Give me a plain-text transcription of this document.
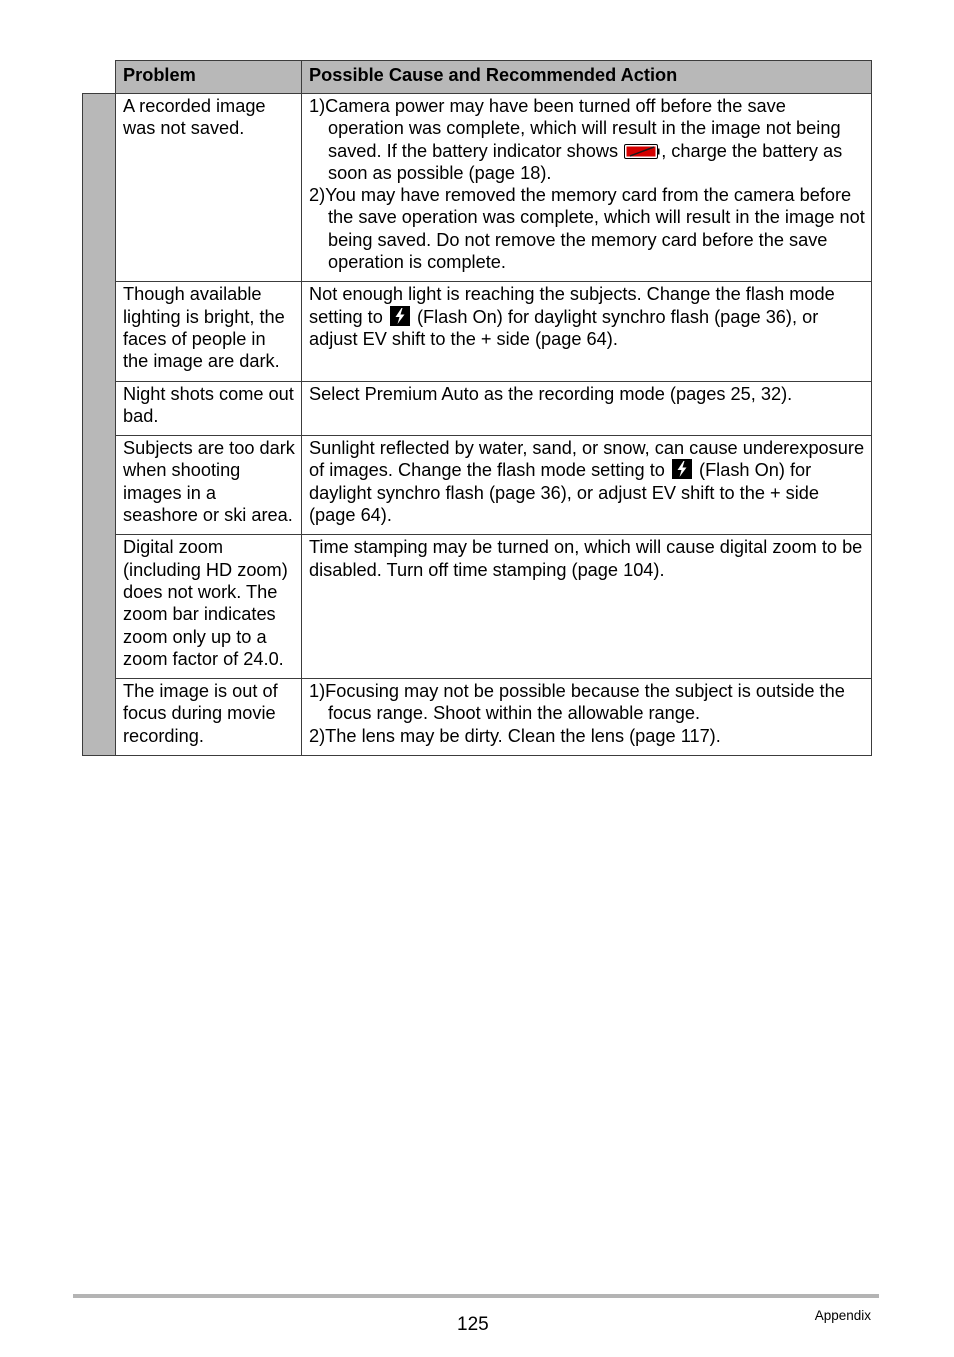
	Problem	Possible Cause and Recommended Action
	A recorded image was not saved.	1)Camera power may have been turned off before the save operation was complete, which will result in the image not being saved. If the battery indicator shows , charge the battery as soon as possible (page 18).
2)You may have removed the memory card from the camera before the save operation was complete, which will result in the image not being saved. Do not remove the memory card before the save operation is complete.

	Though available lighting is bright, the faces of people in the image are dark.	Not enough light is reaching the subjects. Change the flash mode setting to (Flash On) for daylight synchro flash (page 36), or adjust EV shift to the + side (page 64).
	Night shots come out bad.	Select Premium Auto as the recording mode (pages 25, 32).
	Subjects are too dark when shooting images in a seashore or ski area.	Sunlight reflected by water, sand, or snow, can cause underexposure of images. Change the flash mode setting to (Flash On) for daylight synchro flash (page 36), or adjust EV shift to the + side (page 64).
	Digital zoom (including HD zoom) does not work. The zoom bar indicates zoom only up to a zoom factor of 24.0.	Time stamping may be turned on, which will cause digital zoom to be disabled. Turn off time stamping (page 104).
	The image is out of focus during movie recording.	1)Focusing may not be possible because the subject is outside the focus range. Shoot within the allowable range.
2)The lens may be dirty. Clean the lens (page 117).
125	Appendix
